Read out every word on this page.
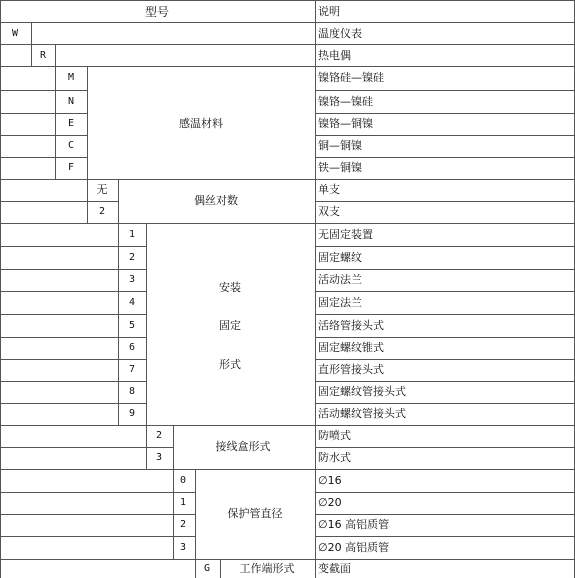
型号	说明
W
R
M
N
E
C
F
感温材料
无
2
偶丝对数
1
2
3
4
5
6
7
8
9
安装
固定
形式
2
3
接线盒形式
0
1
2
3
保护管直径
G	工作端形式
温度仪表
热电偶
镍铬硅—镍硅
镍铬—镍硅
镍铬—铜镍
铜—铜镍
铁—铜镍
单支
双支
无固定装置
固定螺纹
活动法兰
固定法兰
活络管接头式
固定螺纹锥式
直形管接头式
固定螺纹管接头式
活动螺纹管接头式
防喷式
防水式
∅16
∅20
∅16 高铝质管
∅20 高铝质管
变截面
